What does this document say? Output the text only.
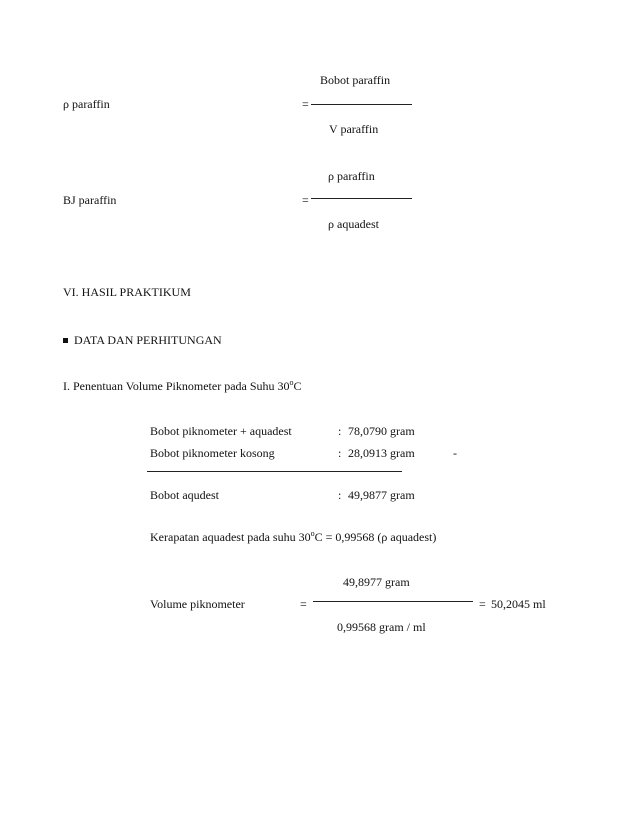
Bobot paraffin
ρ paraffin	=
V paraffin
ρ paraffin
BJ paraffin	=
ρ aquadest
VI. HASIL PRAKTIKUM
DATA DAN PERHITUNGAN
I. Penentuan Volume Piknometer pada Suhu 30$^o$C
Bobot piknometer + aquadest	: 78,0790 gram
Bobot piknometer kosong	: 28,0913 gram	-
Bobot aqudest	: 49,9877 gram
Kerapatan aquadest pada suhu $30^oC = 0,99568$ (ρ aquadest)
49,8977 gram
Volume piknometer	=	= 50,2045 ml
0,99568 gram / ml
